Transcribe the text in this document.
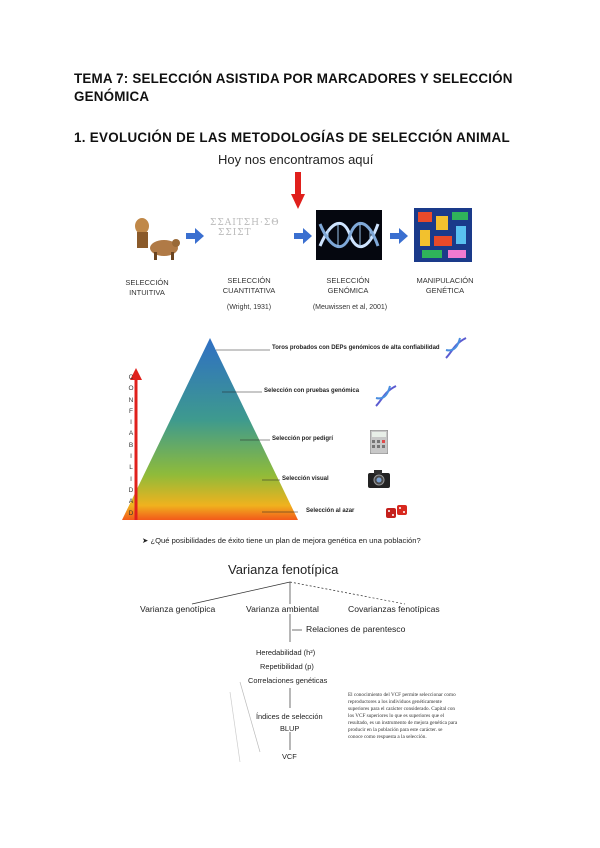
TEMA 7: SELECCIÓN ASISTIDA POR MARCADORES Y SELECCIÓN GENÓMICA
1. EVOLUCIÓN DE LAS METODOLOGÍAS DE SELECCIÓN ANIMAL
Hoy nos encontramos aquí
ΣΣΑΙΤΣΗ·ΣΘ
ΣΣΙΣΤ
SELECCIÓN INTUITIVA
SELECCIÓN CUANTITATIVA
(Wright, 1931)
SELECCIÓN GENÓMICA
(Meuwissen et al, 2001)
MANIPULACIÓN GENÉTICA
C
O
N
F
I
A
B
I
L
I
D
A
D
Toros probados con DEPs genómicos de alta confiabilidad
Selección con pruebas genómica
Selección por pedigrí
Selección visual
Selección al azar
➤ ¿Qué posibilidades de éxito tiene un plan de mejora genética en una población?
Varianza fenotípica
Varianza genotípica	Varianza ambiental	Covarianzas fenotípicas
Relaciones de parentesco
Heredabilidad (h²)
Repetibilidad (p)
Correlaciones genéticas
Índices de selección
BLUP
VCF
El conocimiento del VCF permite seleccionar como reproductores a los individuos genéticamente superiores para el carácter considerado. Capital con los VCF superiores lo que es superiores que el resultado, es un instrumento de mejora genética para producir en la población para este carácter. se conoce como respuesta a la selección.
